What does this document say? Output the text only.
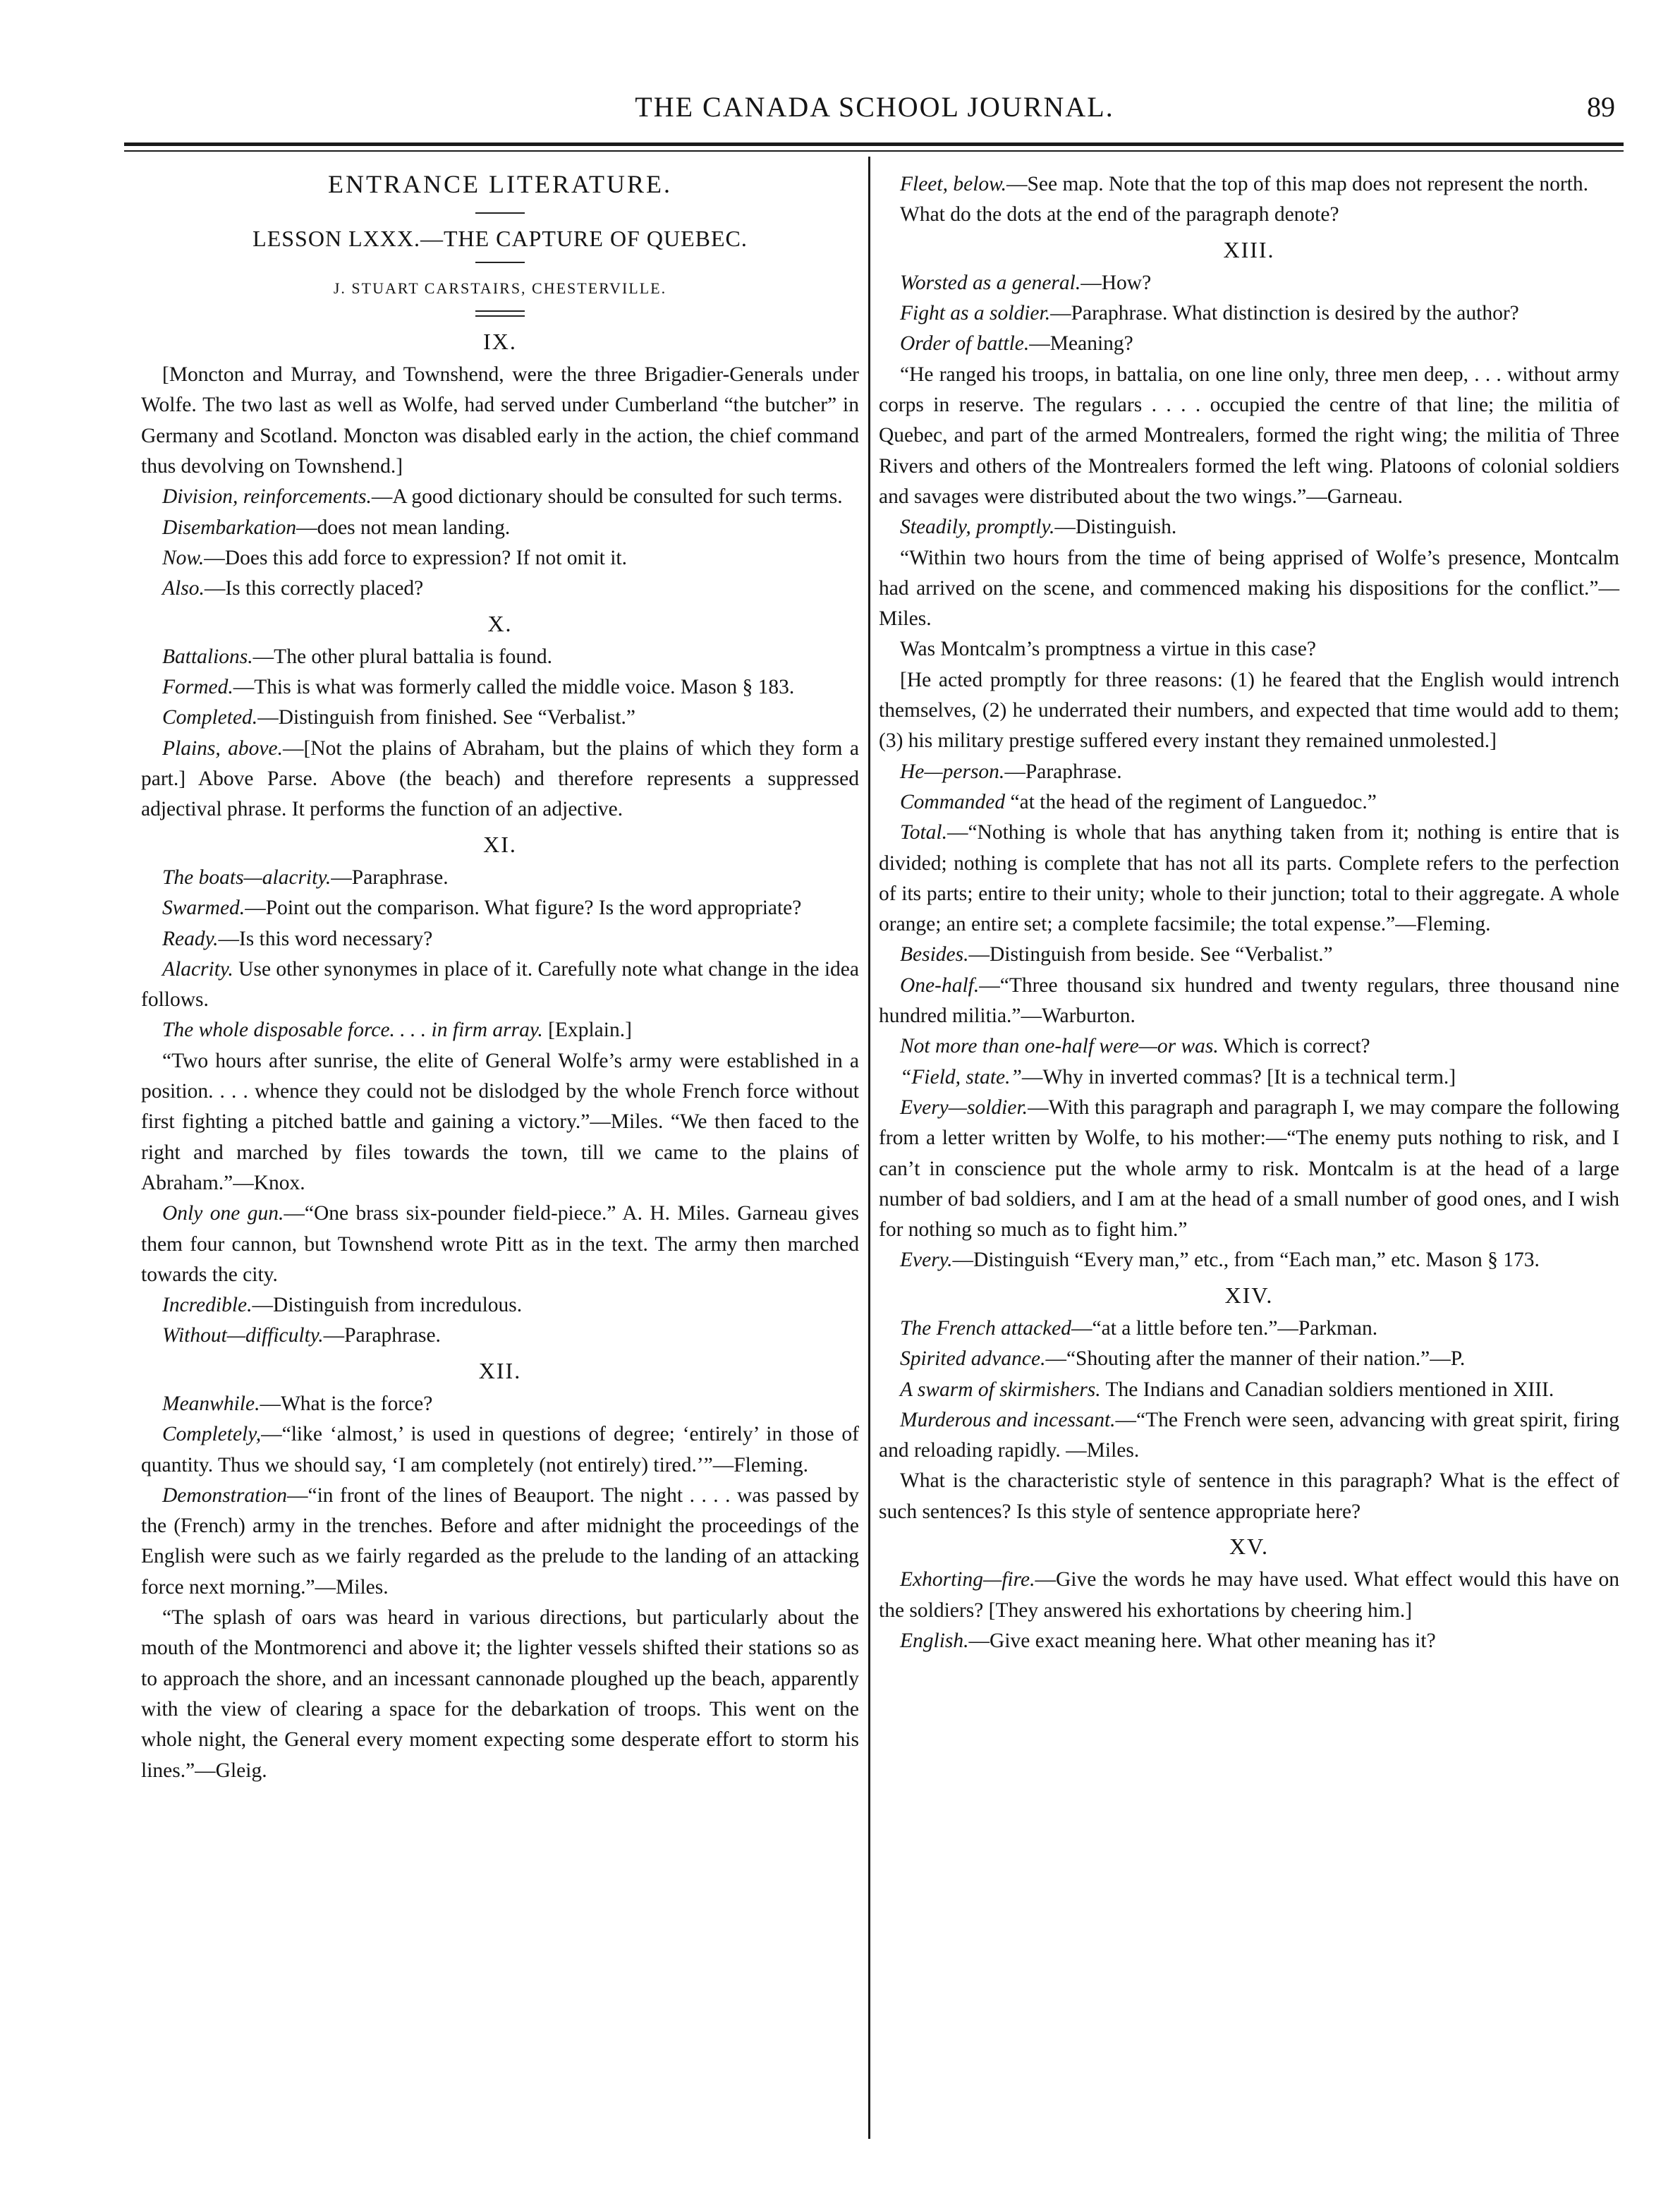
THE CANADA SCHOOL JOURNAL.	89

ENTRANCE LITERATURE.

LESSON LXXX.—THE CAPTURE OF QUEBEC.

J. STUART CARSTAIRS, CHESTERVILLE.

IX.

[Moncton and Murray, and Townshend, were the three Brigadier-Generals under Wolfe. The two last as well as Wolfe, had served under Cumberland “the butcher” in Germany and Scotland. Moncton was disabled early in the action, the chief command thus devolving on Townshend.]

Division, reinforcements.—A good dictionary should be consulted for such terms.

Disembarkation—does not mean landing.

Now.—Does this add force to expression? If not omit it.

Also.—Is this correctly placed?

X.

Battalions.—The other plural battalia is found.

Formed.—This is what was formerly called the middle voice. Mason § 183.

Completed.—Distinguish from finished. See “Verbalist.”

Plains, above.—[Not the plains of Abraham, but the plains of which they form a part.] Above Parse. Above (the beach) and therefore represents a suppressed adjectival phrase. It performs the function of an adjective.

XI.

The boats—alacrity.—Paraphrase.

Swarmed.—Point out the comparison. What figure? Is the word appropriate?

Ready.—Is this word necessary?

Alacrity. Use other synonymes in place of it. Carefully note what change in the idea follows.

The whole disposable force. . . . in firm array. [Explain.]

“Two hours after sunrise, the elite of General Wolfe’s army were established in a position. . . . whence they could not be dislodged by the whole French force without first fighting a pitched battle and gaining a victory.”—Miles. “We then faced to the right and marched by files towards the town, till we came to the plains of Abraham.”—Knox.

Only one gun.—“One brass six-pounder field-piece.” A. H. Miles. Garneau gives them four cannon, but Townshend wrote Pitt as in the text. The army then marched towards the city.

Incredible.—Distinguish from incredulous.

Without—difficulty.—Paraphrase.

XII.

Meanwhile.—What is the force?

Completely,—“like ‘almost,’ is used in questions of degree; ‘entirely’ in those of quantity. Thus we should say, ‘I am completely (not entirely) tired.’”—Fleming.

Demonstration—“in front of the lines of Beauport. The night . . . . was passed by the (French) army in the trenches. Before and after midnight the proceedings of the English were such as we fairly regarded as the prelude to the landing of an attacking force next morning.”—Miles.

“The splash of oars was heard in various directions, but particularly about the mouth of the Montmorenci and above it; the lighter vessels shifted their stations so as to approach the shore, and an incessant cannonade ploughed up the beach, apparently with the view of clearing a space for the debarkation of troops. This went on the whole night, the General every moment expecting some desperate effort to storm his lines.”—Gleig.

Fleet, below.—See map. Note that the top of this map does not represent the north.

What do the dots at the end of the paragraph denote?

XIII.

Worsted as a general.—How?

Fight as a soldier.—Paraphrase. What distinction is desired by the author?

Order of battle.—Meaning?

“He ranged his troops, in battalia, on one line only, three men deep, . . . without army corps in reserve. The regulars . . . . occupied the centre of that line; the militia of Quebec, and part of the armed Montrealers, formed the right wing; the militia of Three Rivers and others of the Montrealers formed the left wing. Platoons of colonial soldiers and savages were distributed about the two wings.”—Garneau.

Steadily, promptly.—Distinguish.

“Within two hours from the time of being apprised of Wolfe’s presence, Montcalm had arrived on the scene, and commenced making his dispositions for the conflict.”—Miles.

Was Montcalm’s promptness a virtue in this case?

[He acted promptly for three reasons: (1) he feared that the English would intrench themselves, (2) he underrated their numbers, and expected that time would add to them; (3) his military prestige suffered every instant they remained unmolested.]

He—person.—Paraphrase.

Commanded “at the head of the regiment of Languedoc.”

Total.—“Nothing is whole that has anything taken from it; nothing is entire that is divided; nothing is complete that has not all its parts. Complete refers to the perfection of its parts; entire to their unity; whole to their junction; total to their aggregate. A whole orange; an entire set; a complete facsimile; the total expense.”—Fleming.

Besides.—Distinguish from beside. See “Verbalist.”

One-half.—“Three thousand six hundred and twenty regulars, three thousand nine hundred militia.”—Warburton.

Not more than one-half were—or was. Which is correct?

“Field, state.”—Why in inverted commas? [It is a technical term.]

Every—soldier.—With this paragraph and paragraph I, we may compare the following from a letter written by Wolfe, to his mother:—“The enemy puts nothing to risk, and I can’t in conscience put the whole army to risk. Montcalm is at the head of a large number of bad soldiers, and I am at the head of a small number of good ones, and I wish for nothing so much as to fight him.”

Every.—Distinguish “Every man,” etc., from “Each man,” etc. Mason § 173.

XIV.

The French attacked—“at a little before ten.”—Parkman.

Spirited advance.—“Shouting after the manner of their nation.”—P.

A swarm of skirmishers. The Indians and Canadian soldiers mentioned in XIII.

Murderous and incessant.—“The French were seen, advancing with great spirit, firing and reloading rapidly. —Miles.

What is the characteristic style of sentence in this paragraph? What is the effect of such sentences? Is this style of sentence appropriate here?

XV.

Exhorting—fire.—Give the words he may have used. What effect would this have on the soldiers? [They answered his exhortations by cheering him.]

English.—Give exact meaning here. What other meaning has it?
